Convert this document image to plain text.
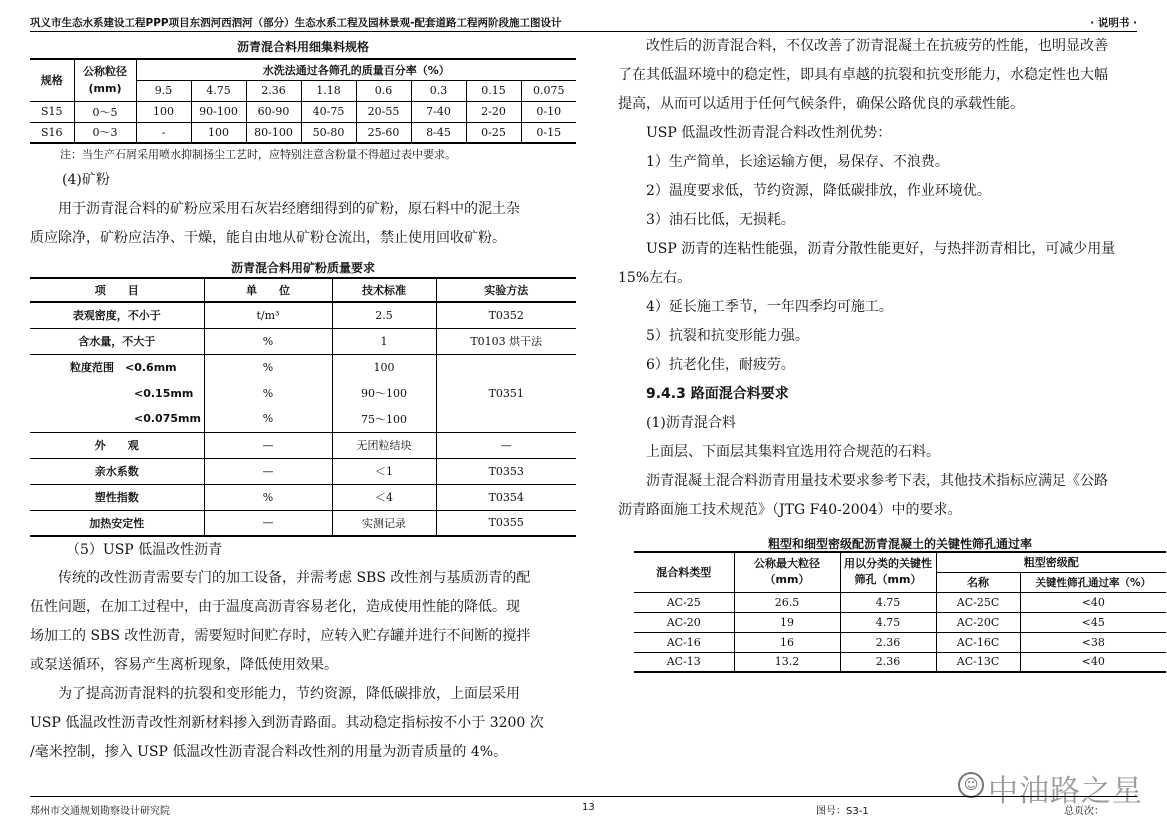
巩义市生态水系建设工程PPP项目东泗河西泗河（部分）生态水系工程及园林景观-配套道路工程两阶段施工图设计	· 说明书 ·
沥青混合料用细集料规格
规格	公称粒径(mm)	水洗法通过各筛孔的质量百分率（%）							
		9.5	4.75	2.36	1.18	0.6	0.3	0.15	0.075
S15	0～5	100	90-100	60-90	40-75	20-55	7-40	2-20	0-10
S16	0～3	-	100	80-100	50-80	25-60	8-45	0-25	0-15
注：当生产石屑采用喷水抑制扬尘工艺时，应特别注意含粉量不得超过表中要求。
(4)矿粉
用于沥青混合料的矿粉应采用石灰岩经磨细得到的矿粉，原石料中的泥土杂
质应除净，矿粉应洁净、干燥，能自由地从矿粉仓流出，禁止使用回收矿粉。
沥青混合料用矿粉质量要求
项　　目	单　　位	技术标准	实验方法
表观密度，不小于	t/m³	2.5	T0352
含水量，不大于	%	1	T0103 烘干法
粒度范围　<0.6mm	%	100	T0351
<0.15mm	%	90～100	
<0.075mm	%	75～100	
外　　观	—	无团粒结块	—
亲水系数	—	＜1	T0353
塑性指数	%	＜4	T0354
加热安定性	—	实测记录	T0355
（5）USP 低温改性沥青
传统的改性沥青需要专门的加工设备，并需考虑 SBS 改性剂与基质沥青的配
伍性问题，在加工过程中，由于温度高沥青容易老化，造成使用性能的降低。现
场加工的 SBS 改性沥青，需要短时间贮存时，应转入贮存罐并进行不间断的搅拌
或泵送循环，容易产生离析现象，降低使用效果。
为了提高沥青混料的抗裂和变形能力，节约资源，降低碳排放，上面层采用
USP 低温改性沥青改性剂新材料掺入到沥青路面。其动稳定指标按不小于 3200 次
/毫米控制，掺入 USP 低温改性沥青混合料改性剂的用量为沥青质量的 4%。
改性后的沥青混合料，不仅改善了沥青混凝土在抗疲劳的性能，也明显改善
了在其低温环境中的稳定性，即具有卓越的抗裂和抗变形能力，水稳定性也大幅
提高，从而可以适用于任何气候条件，确保公路优良的承载性能。
USP 低温改性沥青混合料改性剂优势：
1）生产简单，长途运输方便，易保存、不浪费。
2）温度要求低，节约资源，降低碳排放，作业环境优。
3）油石比低，无损耗。
USP 沥青的连粘性能强，沥青分散性能更好，与热拌沥青相比，可减少用量
15%左右。
4）延长施工季节，一年四季均可施工。
5）抗裂和抗变形能力强。
6）抗老化佳，耐疲劳。
9.4.3 路面混合料要求
(1)沥青混合料
上面层、下面层其集料宜选用符合规范的石料。
沥青混凝土混合料沥青用量技术要求参考下表，其他技术指标应满足《公路
沥青路面施工技术规范》（JTG F40-2004）中的要求。
粗型和细型密级配沥青混凝土的关键性筛孔通过率
混合料类型	公称最大粒径（mm）	用以分类的关键性筛孔（mm）	粗型密级配	
			名称	关键性筛孔通过率（%）
AC-25	26.5	4.75	AC-25C	<40
AC-20	19	4.75	AC-20C	<45
AC-16	16	2.36	AC-16C	<38
AC-13	13.2	2.36	AC-13C	<40
☺ 中油路之星
郑州市交通规划勘察设计研究院	13	图号：S3-1	总页次：
